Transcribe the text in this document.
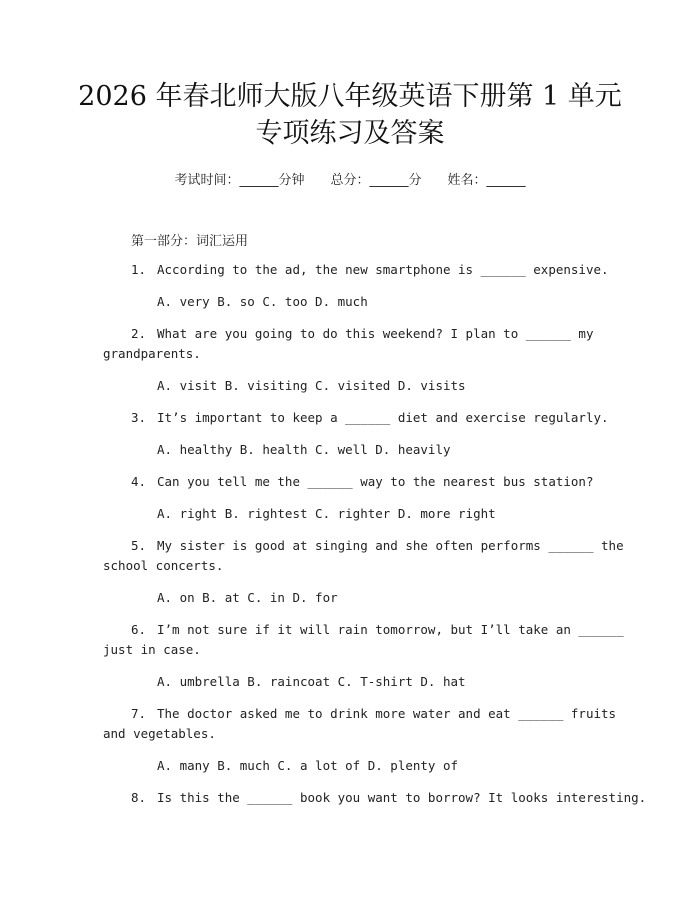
2026 年春北师大版八年级英语下册第 1 单元
专项练习及答案
考试时间：______分钟 总分：______分 姓名：______
第一部分：词汇运用
1. According to the ad, the new smartphone is ______ expensive.
A. very B. so C. too D. much
2. What are you going to do this weekend? I plan to ______ my
grandparents.
A. visit B. visiting C. visited D. visits
3. It’s important to keep a ______ diet and exercise regularly.
A. healthy B. health C. well D. heavily
4. Can you tell me the ______ way to the nearest bus station?
A. right B. rightest C. righter D. more right
5. My sister is good at singing and she often performs ______ the
school concerts.
A. on B. at C. in D. for
6. I’m not sure if it will rain tomorrow, but I’ll take an ______
just in case.
A. umbrella B. raincoat C. T-shirt D. hat
7. The doctor asked me to drink more water and eat ______ fruits
and vegetables.
A. many B. much C. a lot of D. plenty of
8. Is this the ______ book you want to borrow? It looks interesting.
